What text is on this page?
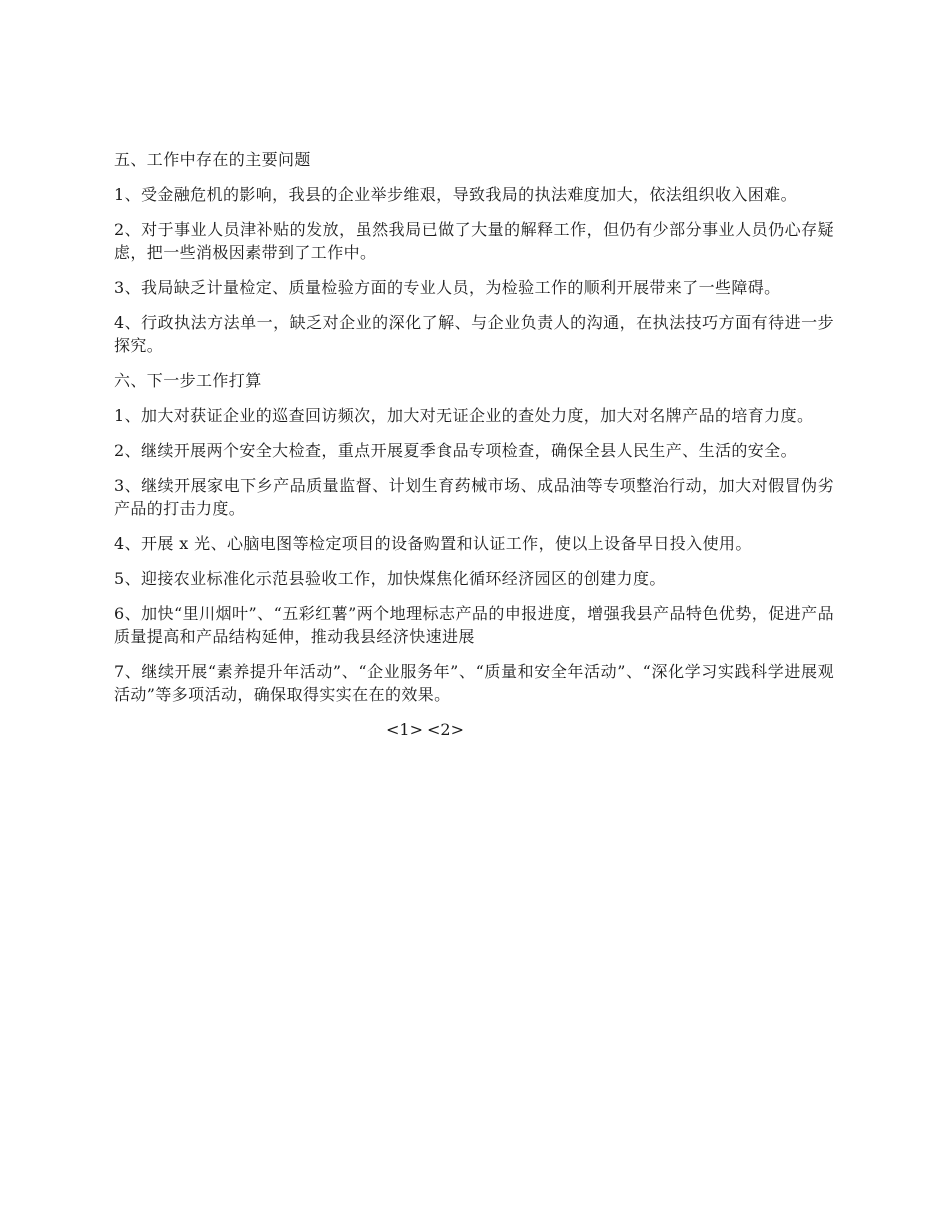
五、工作中存在的主要问题

1、受金融危机的影响，我县的企业举步维艰，导致我局的执法难度加大，依法组织收入困难。

2、对于事业人员津补贴的发放，虽然我局已做了大量的解释工作，但仍有少部分事业人员仍心存疑虑，把一些消极因素带到了工作中。

3、我局缺乏计量检定、质量检验方面的专业人员，为检验工作的顺利开展带来了一些障碍。

4、行政执法方法单一，缺乏对企业的深化了解、与企业负责人的沟通，在执法技巧方面有待进一步探究。

六、下一步工作打算

1、加大对获证企业的巡查回访频次，加大对无证企业的查处力度，加大对名牌产品的培育力度。

2、继续开展两个安全大检查，重点开展夏季食品专项检查，确保全县人民生产、生活的安全。

3、继续开展家电下乡产品质量监督、计划生育药械市场、成品油等专项整治行动，加大对假冒伪劣产品的打击力度。

4、开展 x 光、心脑电图等检定项目的设备购置和认证工作，使以上设备早日投入使用。

5、迎接农业标准化示范县验收工作，加快煤焦化循环经济园区的创建力度。

6、加快“里川烟叶”、“五彩红薯”两个地理标志产品的申报进度，增强我县产品特色优势，促进产品质量提高和产品结构延伸，推动我县经济快速进展

7、继续开展“素养提升年活动”、“企业服务年”、“质量和安全年活动”、“深化学习实践科学进展观活动”等多项活动，确保取得实实在在的效果。

<1> <2>
